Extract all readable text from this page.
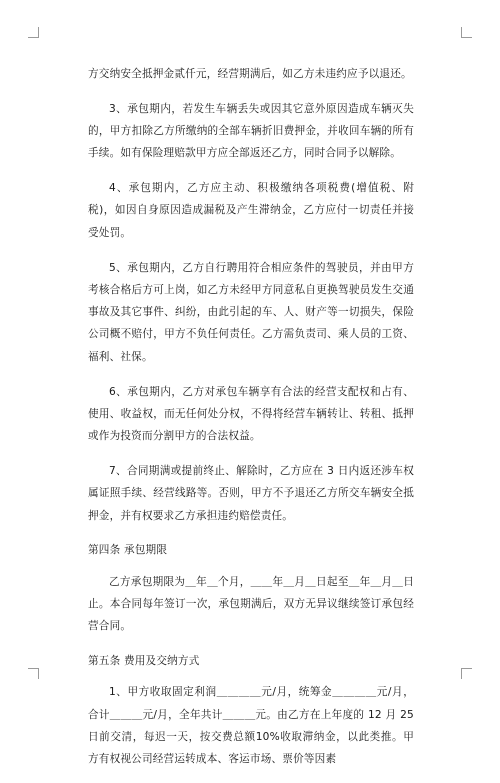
方交纳安全抵押金贰仟元，经营期满后，如乙方未违约应予以退还。

3、承包期内，若发生车辆丢失或因其它意外原因造成车辆灭失的，甲方扣除乙方所缴纳的全部车辆折旧费押金，并收回车辆的所有手续。如有保险理赔款甲方应全部返还乙方，同时合同予以解除。

4、承包期内，乙方应主动、积极缴纳各项税费(增值税、附税)，如因自身原因造成漏税及产生滞纳金，乙方应付一切责任并接受处罚。

5、承包期内，乙方自行聘用符合相应条件的驾驶员，并由甲方考核合格后方可上岗，如乙方未经甲方同意私自更换驾驶员发生交通事故及其它事件、纠纷，由此引起的车、人、财产等一切损失，保险公司概不赔付，甲方不负任何责任。乙方需负责司、乘人员的工资、福利、社保。

6、承包期内，乙方对承包车辆享有合法的经营支配权和占有、使用、收益权，而无任何处分权，不得将经营车辆转让、转租、抵押或作为投资而分割甲方的合法权益。

7、合同期满或提前终止、解除时，乙方应在 3 日内返还涉车权属证照手续、经营线路等。否则，甲方不予退还乙方所交车辆安全抵押金，并有权要求乙方承担违约赔偿责任。

第四条 承包期限

乙方承包期限为＿年＿个月，＿＿年＿月＿日起至＿年＿月＿日止。本合同每年签订一次，承包期满后，双方无异议继续签订承包经营合同。

第五条 费用及交纳方式

1、甲方收取固定利润＿＿＿＿元/月，统筹金＿＿＿＿元/月，合计＿＿＿元/月，全年共计＿＿＿元。由乙方在上年度的 12 月 25 日前交清，每迟一天，按交费总额10%收取滞纳金，以此类推。甲方有权视公司经营运转成本、客运市场、票价等因素
